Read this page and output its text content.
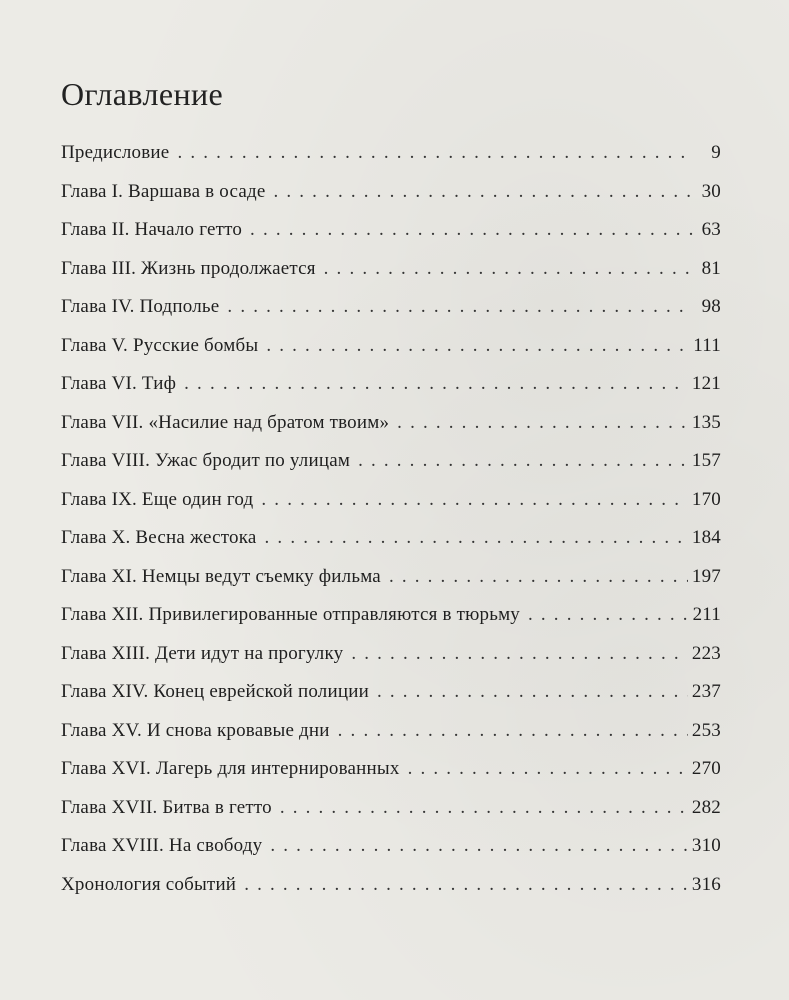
Оглавление
Предисловие . . .	9
Глава I. Варшава в осаде . . .	30
Глава II. Начало гетто . . .	63
Глава III. Жизнь продолжается . . .	81
Глава IV. Подполье . . .	98
Глава V. Русские бомбы . . .	111
Глава VI. Тиф . . .	121
Глава VII. «Насилие над братом твоим» . . .	135
Глава VIII. Ужас бродит по улицам . . .	157
Глава IX. Еще один год . . .	170
Глава X. Весна жестока . . .	184
Глава XI. Немцы ведут съемку фильма . . .	197
Глава XII. Привилегированные отправляются в тюрьму . . .	211
Глава XIII. Дети идут на прогулку . . .	223
Глава XIV. Конец еврейской полиции . . .	237
Глава XV. И снова кровавые дни . . .	253
Глава XVI. Лагерь для интернированных . . .	270
Глава XVII. Битва в гетто . . .	282
Глава XVIII. На свободу . . .	310
Хронология событий . . .	316
